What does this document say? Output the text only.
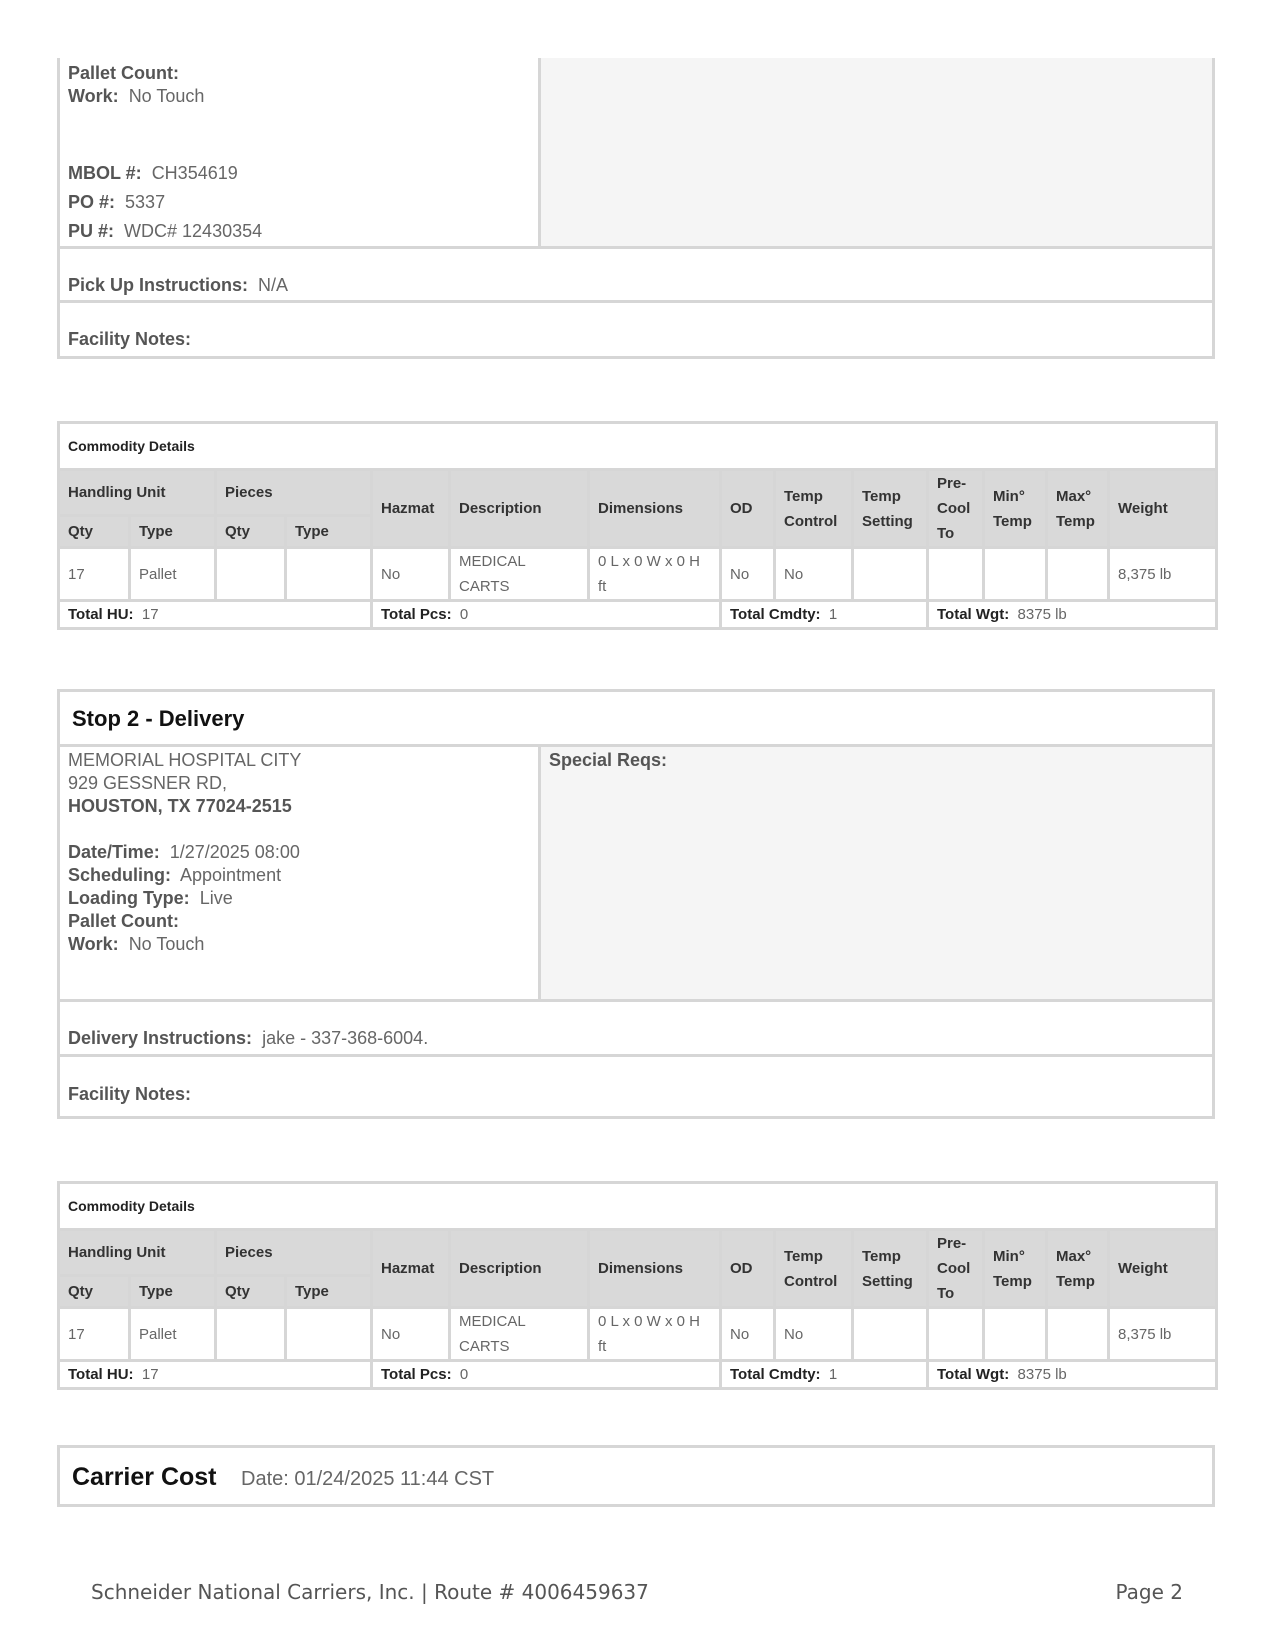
Pallet Count:
Work: No Touch
MBOL #: CH354619
PO #: 5337
PU #: WDC# 12430354
Pick Up Instructions: N/A
Facility Notes:
Commodity Details													
Handling Unit		Pieces		Hazmat	Description	Dimensions	OD	Temp Control	Temp Setting	Pre-Cool To	Min° Temp	Max° Temp	Weight
Qty	Type	Qty	Type										
17	Pallet			No	MEDICAL CARTS	0 L x 0 W x 0 H ft	No	No					8,375 lb
Total HU: 17				Total Pcs: 0			Total Cmdty: 1			Total Wgt: 8375 lb			
Stop 2 - Delivery
Special Reqs:
MEMORIAL HOSPITAL CITY
929 GESSNER RD,
HOUSTON, TX 77024-2515
Date/Time: 1/27/2025 08:00
Scheduling: Appointment
Loading Type: Live
Pallet Count:
Work: No Touch
Delivery Instructions: jake - 337-368-6004.
Facility Notes:
Commodity Details													
Handling Unit		Pieces		Hazmat	Description	Dimensions	OD	Temp Control	Temp Setting	Pre-Cool To	Min° Temp	Max° Temp	Weight
Qty	Type	Qty	Type										
17	Pallet			No	MEDICAL CARTS	0 L x 0 W x 0 H ft	No	No					8,375 lb
Total HU: 17				Total Pcs: 0			Total Cmdty: 1			Total Wgt: 8375 lb			
Carrier Cost Date: 01/24/2025 11:44 CST
Schneider National Carriers, Inc. | Route # 4006459637	Page 2
